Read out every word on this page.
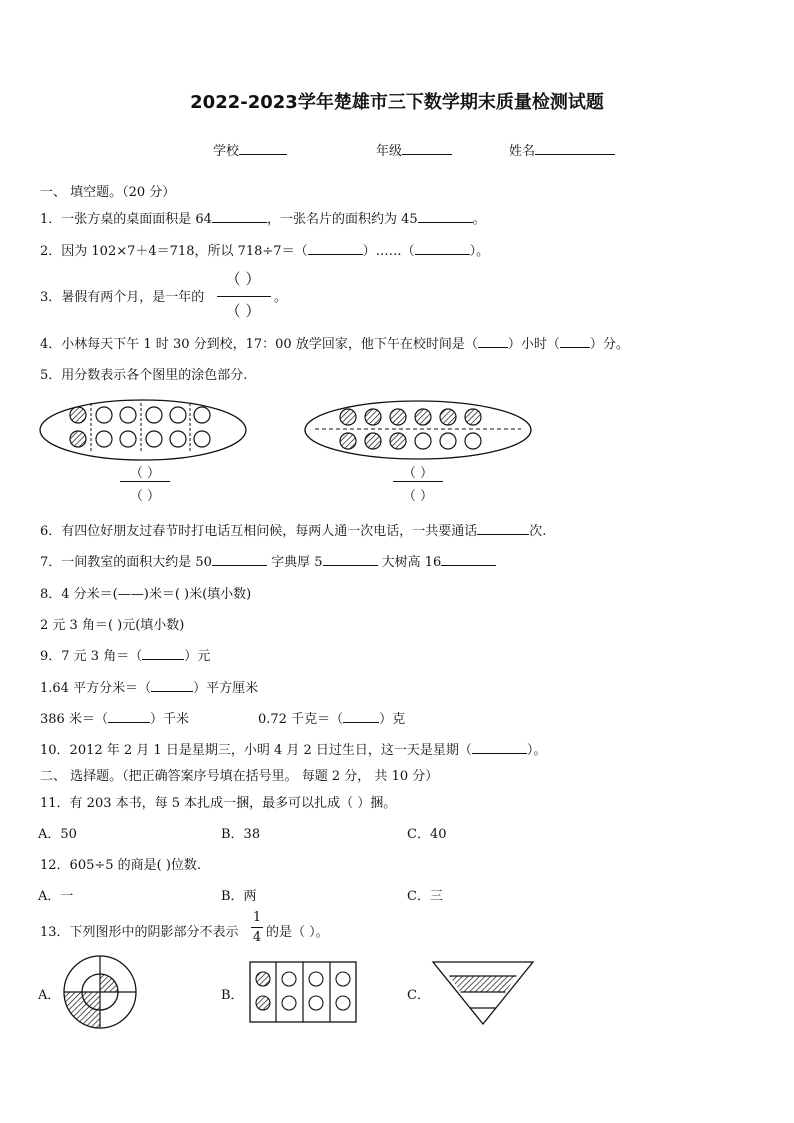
2022-2023学年楚雄市三下数学期末质量检测试题
学校	年级	姓名
一、 填空题。（20 分）
1．一张方桌的桌面面积是 64	，一张名片的面积约为 45	。
2．因为 102×7＋4＝718，所以 718÷7＝（	）……（	）。
3．暑假有两个月，是一年的
（ ）
（ ）
。
4．小林每天下午 1 时 30 分到校，17：00 放学回家，他下午在校时间是（ ）小时（ ）分。
5．用分数表示各个图里的涂色部分.
（ ）
（ ）
（ ）
（ ）
6．有四位好朋友过春节时打电话互相问候，每两人通一次电话，一共要通话	次.
7．一间教室的面积大约是 50	字典厚 5	大树高 16
8．4 分米＝(——)米＝( )米(填小数)
2 元 3 角＝( )元(填小数)
9．7 元 3 角＝（	）元
1.64 平方分米＝（	）平方厘米
386 米＝（	）千米	0.72 千克＝（	）克
10．2012 年 2 月 1 日是星期三，小明 4 月 2 日过生日，这一天是星期（	）。
二、 选择题。（把正确答案序号填在括号里。 每题 2 分， 共 10 分）
11．有 203 本书，每 5 本扎成一捆，最多可以扎成（ ）捆。
A．50	B．38	C．40
12．605÷5 的商是( )位数.
A．一	B．两	C．三
13．下列图形中的阴影部分不表示
1
4 的是（ ）。
A．	B．	C．
